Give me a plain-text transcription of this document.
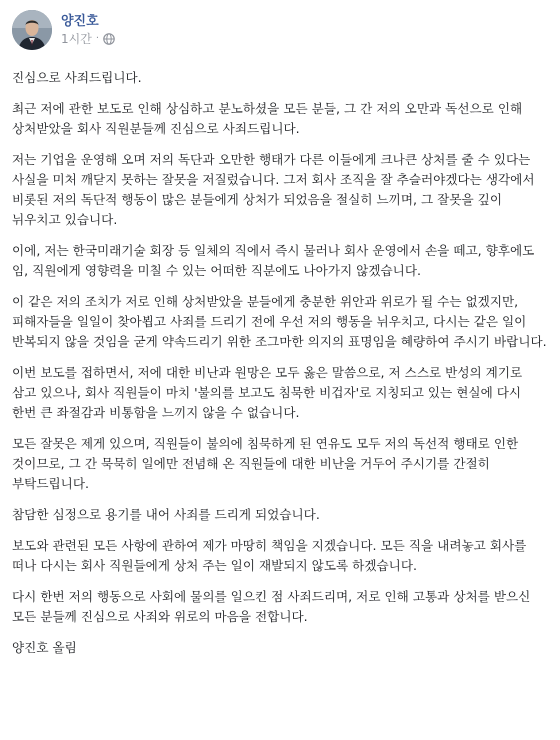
양진호
1시간 ·

진심으로 사죄드립니다.

최근 저에 관한 보도로 인해 상심하고 분노하셨을 모든 분들, 그 간 저의 오만과 독선으로 인해 상처받았을 회사 직원분들께 진심으로 사죄드립니다.

저는 기업을 운영해 오며 저의 독단과 오만한 행태가 다른 이들에게 크나큰 상처를 줄 수 있다는 사실을 미처 깨닫지 못하는 잘못을 저질렀습니다. 그저 회사 조직을 잘 추슬러야겠다는 생각에서 비롯된 저의 독단적 행동이 많은 분들에게 상처가 되었음을 절실히 느끼며, 그 잘못을 깊이 뉘우치고 있습니다.

이에, 저는 한국미래기술 회장 등 일체의 직에서 즉시 물러나 회사 운영에서 손을 떼고, 향후에도 임, 직원에게 영향력을 미칠 수 있는 어떠한 직분에도 나아가지 않겠습니다.

이 같은 저의 조치가 저로 인해 상처받았을 분들에게 충분한 위안과 위로가 될 수는 없겠지만, 피해자들을 일일이 찾아뵙고 사죄를 드리기 전에 우선 저의 행동을 뉘우치고, 다시는 같은 일이 반복되지 않을 것임을 굳게 약속드리기 위한 조그마한 의지의 표명임을 혜량하여 주시기 바랍니다.

이번 보도를 접하면서, 저에 대한 비난과 원망은 모두 옳은 말씀으로, 저 스스로 반성의 계기로 삼고 있으나, 회사 직원들이 마치 '불의를 보고도 침묵한 비겁자'로 지칭되고 있는 현실에 다시 한번 큰 좌절감과 비통함을 느끼지 않을 수 없습니다.

모든 잘못은 제게 있으며, 직원들이 불의에 침묵하게 된 연유도 모두 저의 독선적 행태로 인한 것이므로, 그 간 묵묵히 일에만 전념해 온 직원들에 대한 비난을 거두어 주시기를 간절히 부탁드립니다.

참담한 심정으로 용기를 내어 사죄를 드리게 되었습니다.

보도와 관련된 모든 사항에 관하여 제가 마땅히 책임을 지겠습니다. 모든 직을 내려놓고 회사를 떠나 다시는 회사 직원들에게 상처 주는 일이 재발되지 않도록 하겠습니다.

다시 한번 저의 행동으로 사회에 물의를 일으킨 점 사죄드리며, 저로 인해 고통과 상처를 받으신 모든 분들께 진심으로 사죄와 위로의 마음을 전합니다.

양진호 올림
